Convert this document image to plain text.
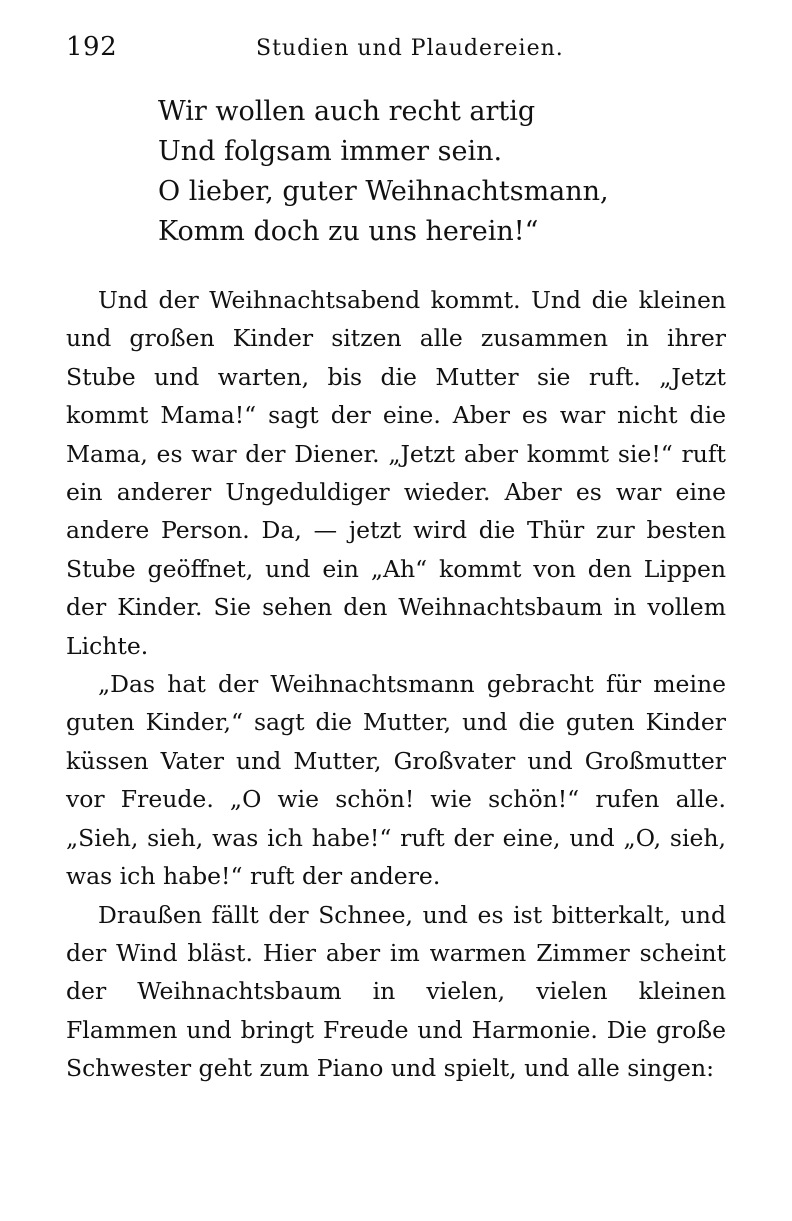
192	Studien und Plaudereien.
Wir wollen auch recht artig
Und folgsam immer sein.
O lieber, guter Weihnachtsmann,
Komm doch zu uns herein!“

Und der Weihnachtsabend kommt. Und die kleinen und großen Kinder sitzen alle zusammen in ihrer Stube und warten, bis die Mutter sie ruft. „Jetzt kommt Mama!“ sagt der eine. Aber es war nicht die Mama, es war der Diener. „Jetzt aber kommt sie!“ ruft ein anderer Ungeduldiger wieder. Aber es war eine andere Person. Da, — jetzt wird die Thür zur besten Stube geöffnet, und ein „Ah“ kommt von den Lippen der Kinder. Sie sehen den Weihnachtsbaum in vollem Lichte.

„Das hat der Weihnachtsmann gebracht für meine guten Kinder,“ sagt die Mutter, und die guten Kinder küssen Vater und Mutter, Großvater und Großmutter vor Freude. „O wie schön! wie schön!“ rufen alle. „Sieh, sieh, was ich habe!“ ruft der eine, und „O, sieh, was ich habe!“ ruft der andere.

Draußen fällt der Schnee, und es ist bitterkalt, und der Wind bläst. Hier aber im warmen Zimmer scheint der Weihnachtsbaum in vielen, vielen kleinen Flammen und bringt Freude und Harmonie. Die große Schwester geht zum Piano und spielt, und alle singen:
